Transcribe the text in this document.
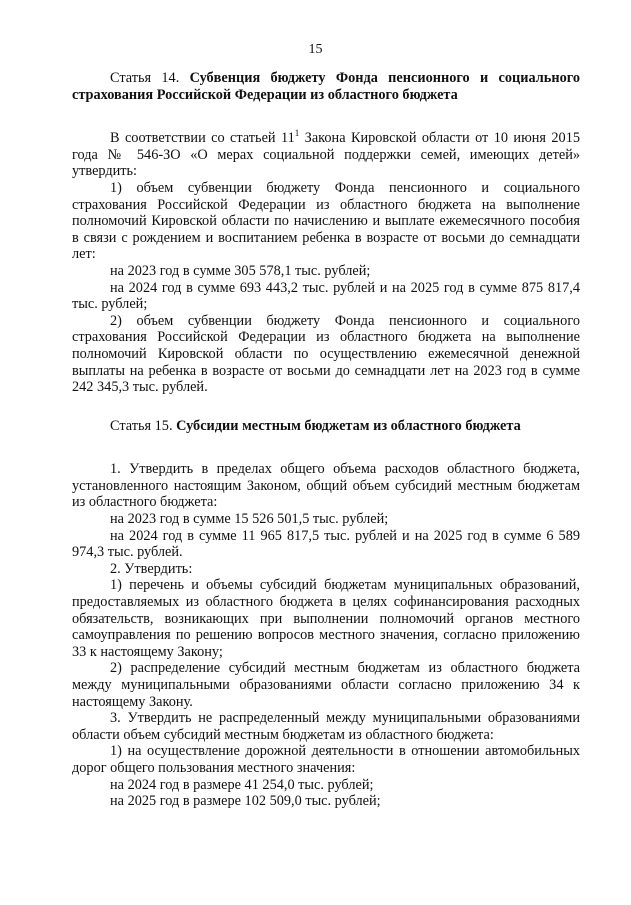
15

Статья 14. Субвенция бюджету Фонда пенсионного и социального страхования Российской Федерации из областного бюджета

В соответствии со статьей $11^1$ Закона Кировской области от 10 июня 2015 года № 546-ЗО «О мерах социальной поддержки семей, имеющих детей» утвердить:

1) объем субвенции бюджету Фонда пенсионного и социального страхования Российской Федерации из областного бюджета на выполнение полномочий Кировской области по начислению и выплате ежемесячного пособия в связи с рождением и воспитанием ребенка в возрасте от восьми до семнадцати лет:

на 2023 год в сумме 305 578,1 тыс. рублей;

на 2024 год в сумме 693 443,2 тыс. рублей и на 2025 год в сумме 875 817,4 тыс. рублей;

2) объем субвенции бюджету Фонда пенсионного и социального страхования Российской Федерации из областного бюджета на выполнение полномочий Кировской области по осуществлению ежемесячной денежной выплаты на ребенка в возрасте от восьми до семнадцати лет на 2023 год в сумме 242 345,3 тыс. рублей.

Статья 15. Субсидии местным бюджетам из областного бюджета

1. Утвердить в пределах общего объема расходов областного бюджета, установленного настоящим Законом, общий объем субсидий местным бюджетам из областного бюджета:

на 2023 год в сумме 15 526 501,5 тыс. рублей;

на 2024 год в сумме 11 965 817,5 тыс. рублей и на 2025 год в сумме 6 589 974,3 тыс. рублей.

2. Утвердить:

1) перечень и объемы субсидий бюджетам муниципальных образований, предоставляемых из областного бюджета в целях софинансирования расходных обязательств, возникающих при выполнении полномочий органов местного самоуправления по решению вопросов местного значения, согласно приложению 33 к настоящему Закону;

2) распределение субсидий местным бюджетам из областного бюджета между муниципальными образованиями области согласно приложению 34 к настоящему Закону.

3. Утвердить не распределенный между муниципальными образованиями области объем субсидий местным бюджетам из областного бюджета:

1) на осуществление дорожной деятельности в отношении автомобильных дорог общего пользования местного значения:

на 2024 год в размере 41 254,0 тыс. рублей;

на 2025 год в размере 102 509,0 тыс. рублей;
